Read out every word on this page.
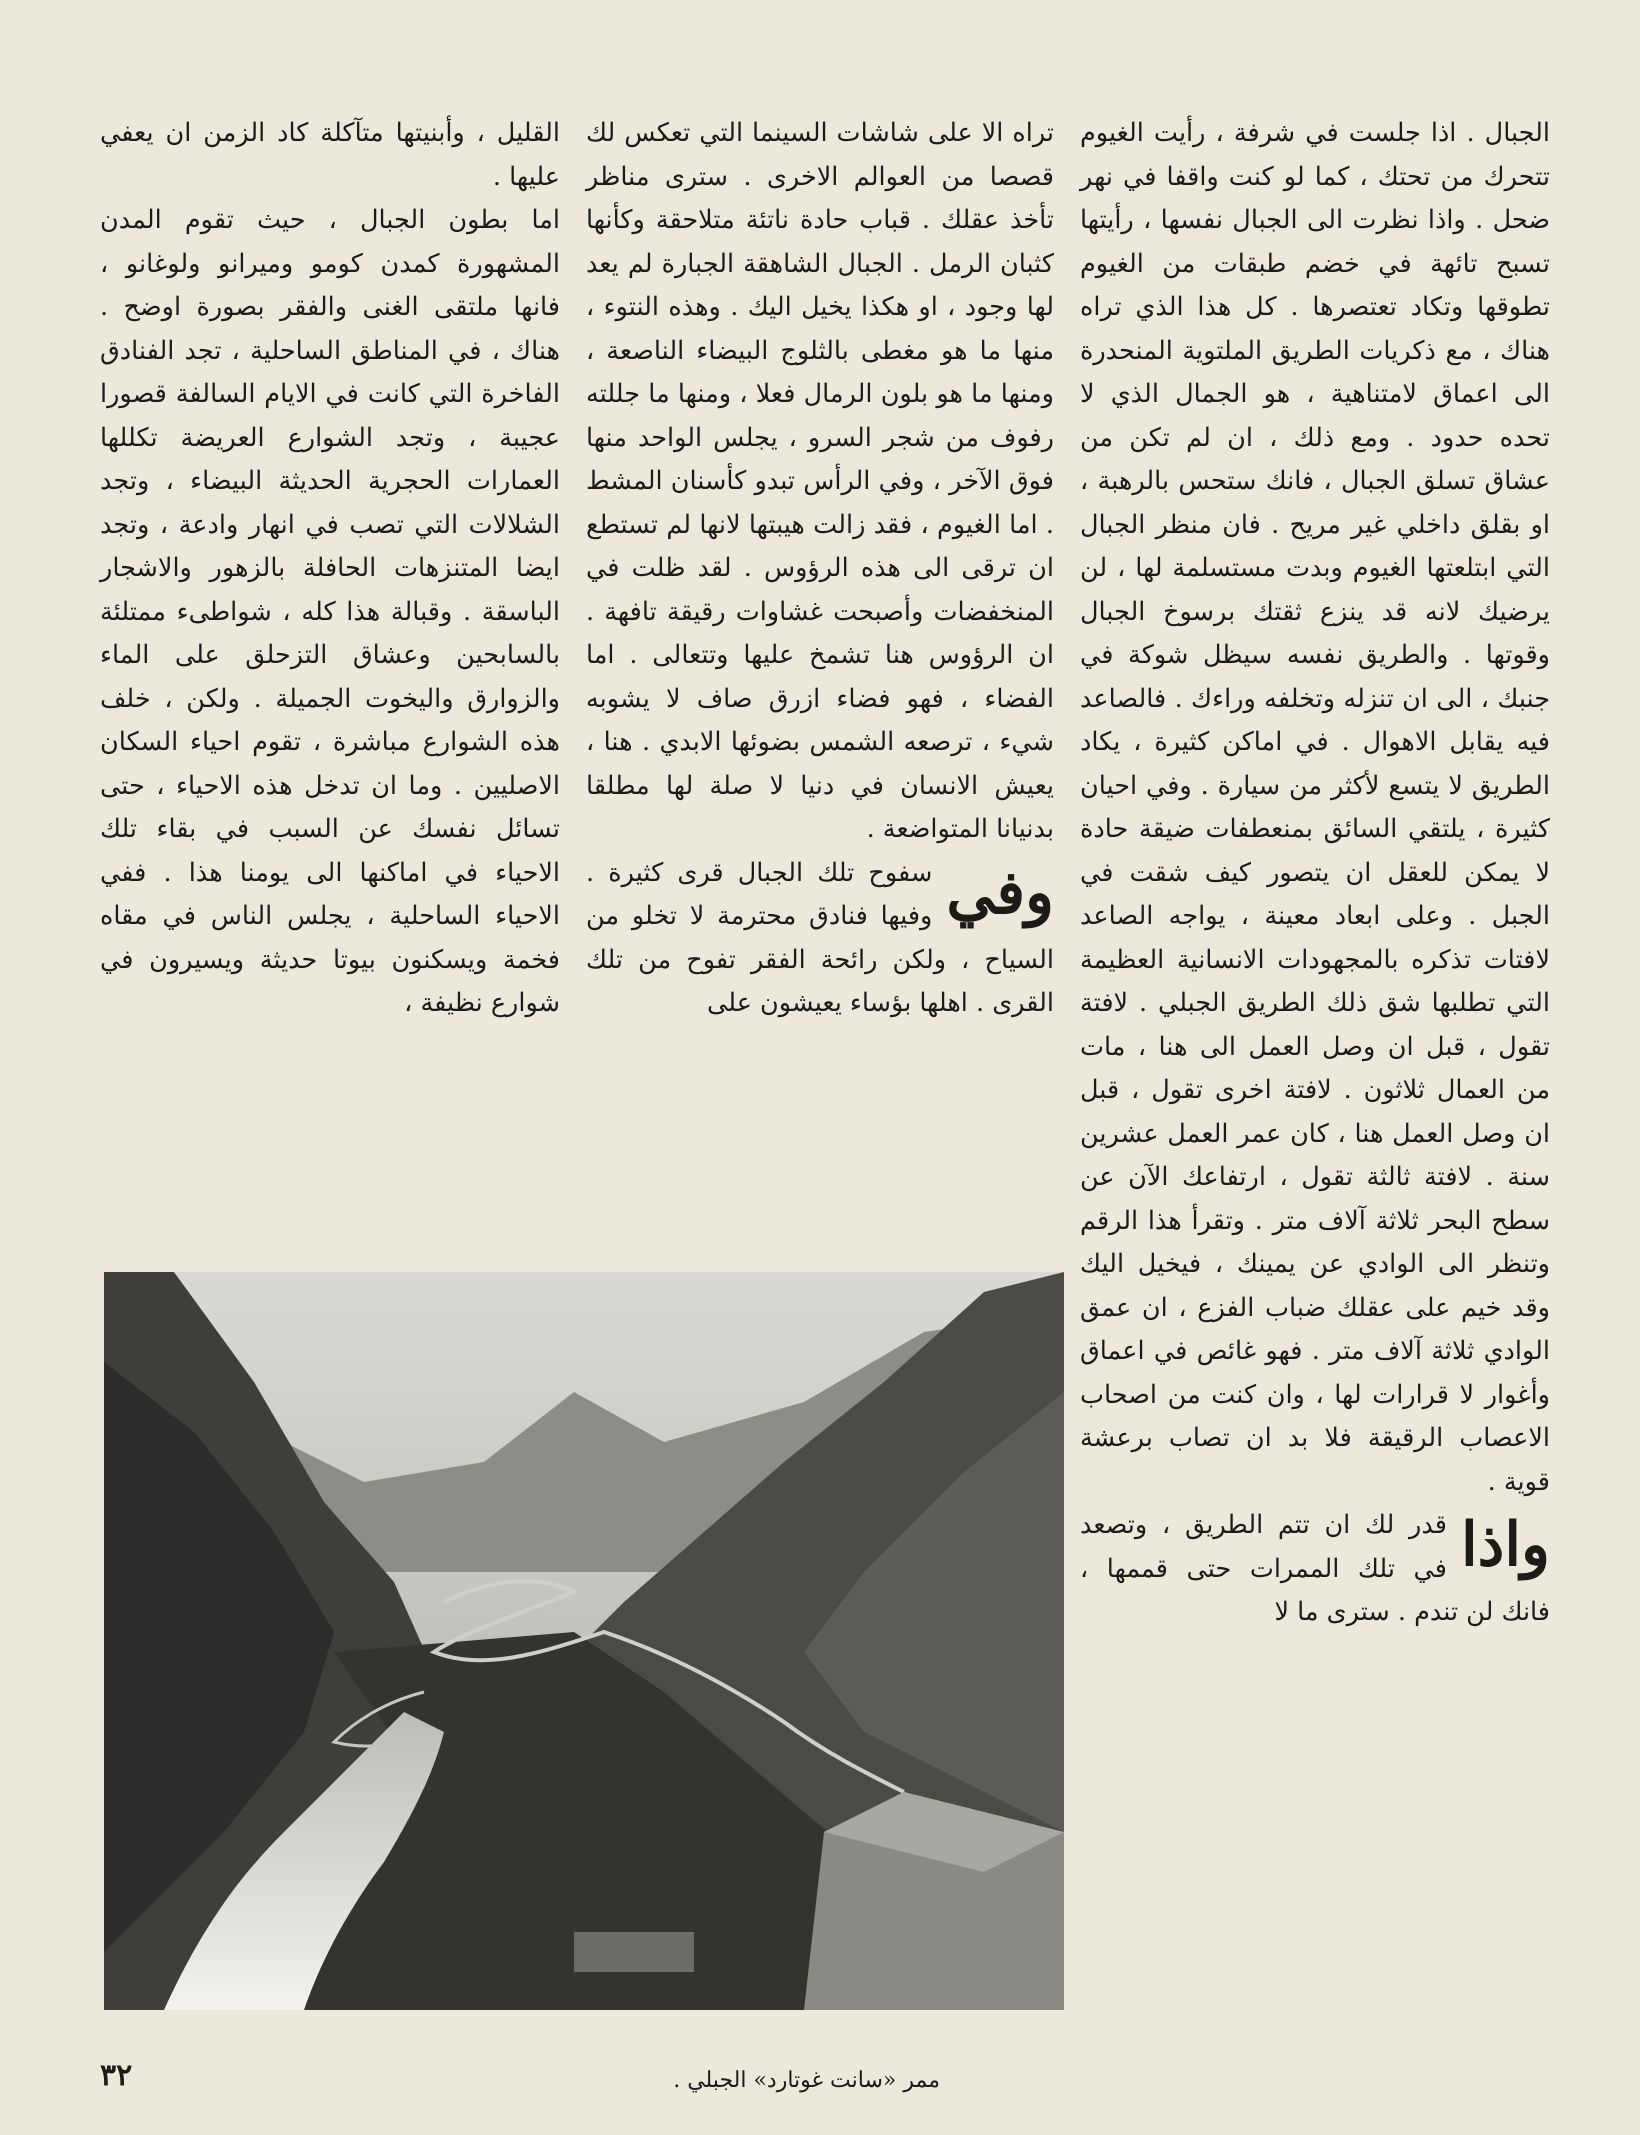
الجبال . اذا جلست في شرفة ، رأيت الغيوم تتحرك من تحتك ، كما لو كنت واقفا في نهر ضحل . واذا نظرت الى الجبال نفسها ، رأيتها تسبح تائهة في خضم طبقات من الغيوم تطوقها وتكاد تعتصرها . كل هذا الذي تراه هناك ، مع ذكريات الطريق الملتوية المنحدرة الى اعماق لامتناهية ، هو الجمال الذي لا تحده حدود . ومع ذلك ، ان لم تكن من عشاق تسلق الجبال ، فانك ستحس بالرهبة ، او بقلق داخلي غير مريح . فان منظر الجبال التي ابتلعتها الغيوم وبدت مستسلمة لها ، لن يرضيك لانه قد ينزع ثقتك برسوخ الجبال وقوتها . والطريق نفسه سيظل شوكة في جنبك ، الى ان تنزله وتخلفه وراءك . فالصاعد فيه يقابل الاهوال . في اماكن كثيرة ، يكاد الطريق لا يتسع لأكثر من سيارة . وفي احيان كثيرة ، يلتقي السائق بمنعطفات ضيقة حادة لا يمكن للعقل ان يتصور كيف شقت في الجبل . وعلى ابعاد معينة ، يواجه الصاعد لافتات تذكره بالمجهودات الانسانية العظيمة التي تطلبها شق ذلك الطريق الجبلي . لافتة تقول ، قبل ان وصل العمل الى هنا ، مات من العمال ثلاثون . لافتة اخرى تقول ، قبل ان وصل العمل هنا ، كان عمر العمل عشرين سنة . لافتة ثالثة تقول ، ارتفاعك الآن عن سطح البحر ثلاثة آلاف متر . وتقرأ هذا الرقم وتنظر الى الوادي عن يمينك ، فيخيل اليك وقد خيم على عقلك ضباب الفزع ، ان عمق الوادي ثلاثة آلاف متر . فهو غائص في اعماق وأغوار لا قرارات لها ، وان كنت من اصحاب الاعصاب الرقيقة فلا بد ان تصاب برعشة قوية .

واذا
قدر لك ان تتم الطريق ، وتصعد في تلك الممرات حتى قممها ، فانك لن تندم . سترى ما لا

تراه الا على شاشات السينما التي تعكس لك قصصا من العوالم الاخرى . سترى مناظر تأخذ عقلك . قباب حادة ناتئة متلاحقة وكأنها كثبان الرمل . الجبال الشاهقة الجبارة لم يعد لها وجود ، او هكذا يخيل اليك . وهذه النتوء ، منها ما هو مغطى بالثلوج البيضاء الناصعة ، ومنها ما هو بلون الرمال فعلا ، ومنها ما جللته رفوف من شجر السرو ، يجلس الواحد منها فوق الآخر ، وفي الرأس تبدو كأسنان المشط . اما الغيوم ، فقد زالت هيبتها لانها لم تستطع ان ترقى الى هذه الرؤوس . لقد ظلت في المنخفضات وأصبحت غشاوات رقيقة تافهة . ان الرؤوس هنا تشمخ عليها وتتعالى . اما الفضاء ، فهو فضاء ازرق صاف لا يشوبه شيء ، ترصعه الشمس بضوئها الابدي . هنا ، يعيش الانسان في دنيا لا صلة لها مطلقا بدنيانا المتواضعة .

وفي
سفوح تلك الجبال قرى كثيرة . وفيها فنادق محترمة لا تخلو من السياح ، ولكن رائحة الفقر تفوح من تلك القرى . اهلها بؤساء يعيشون على

القليل ، وأبنيتها متآكلة كاد الزمن ان يعفي عليها .

اما بطون الجبال ، حيث تقوم المدن المشهورة كمدن كومو وميرانو ولوغانو ، فانها ملتقى الغنى والفقر بصورة اوضح . هناك ، في المناطق الساحلية ، تجد الفنادق الفاخرة التي كانت في الايام السالفة قصورا عجيبة ، وتجد الشوارع العريضة تكللها العمارات الحجرية الحديثة البيضاء ، وتجد الشلالات التي تصب في انهار وادعة ، وتجد ايضا المتنزهات الحافلة بالزهور والاشجار الباسقة . وقبالة هذا كله ، شواطىء ممتلئة بالسابحين وعشاق التزحلق على الماء والزوارق واليخوت الجميلة . ولكن ، خلف هذه الشوارع مباشرة ، تقوم احياء السكان الاصليين . وما ان تدخل هذه الاحياء ، حتى تسائل نفسك عن السبب في بقاء تلك الاحياء في اماكنها الى يومنا هذا . ففي الاحياء الساحلية ، يجلس الناس في مقاه فخمة ويسكنون بيوتا حديثة ويسيرون في شوارع نظيفة ،

ممر «سانت غوتارد» الجبلي .
٣٢
